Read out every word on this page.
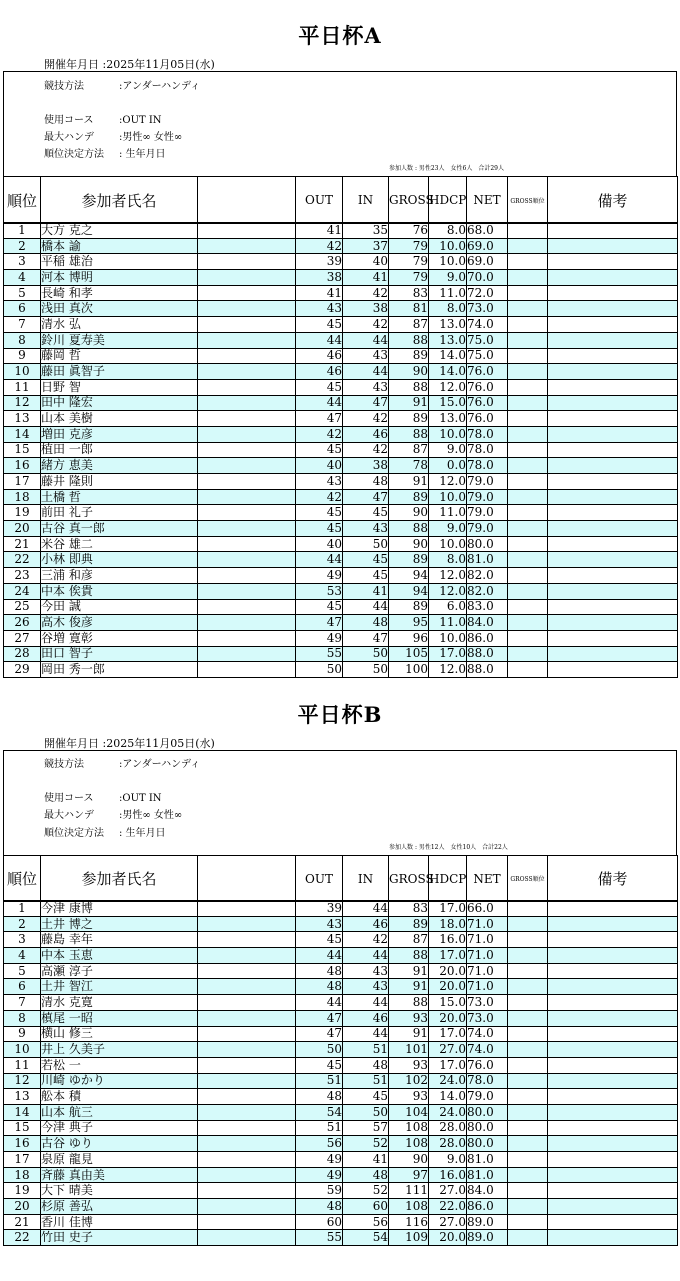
平日杯A
開催年月日 :2025年11月05日(水)
競技方法	:アンダーハンディ
使用コース	:OUT IN
最大ハンデ	:男性∞ 女性∞
順位決定方法 : 生年月日
参加人数 : 男性23人　女性6人　合計29人
順位	参加者氏名		OUT	IN	GROSS	HDCP	NET	GROSS順位	備考
1	大方 克之		41	35	76	8.0	68.0		
2	橋本 諭		42	37	79	10.0	69.0		
3	平稲 雄治		39	40	79	10.0	69.0		
4	河本 博明		38	41	79	9.0	70.0		
5	長崎 和孝		41	42	83	11.0	72.0		
6	浅田 真次		43	38	81	8.0	73.0		
7	清水 弘		45	42	87	13.0	74.0		
8	鈴川 夏寿美		44	44	88	13.0	75.0		
9	藤岡 哲		46	43	89	14.0	75.0		
10	藤田 眞智子		46	44	90	14.0	76.0		
11	日野 智		45	43	88	12.0	76.0		
12	田中 隆宏		44	47	91	15.0	76.0		
13	山本 美樹		47	42	89	13.0	76.0		
14	増田 克彦		42	46	88	10.0	78.0		
15	植田 一郎		45	42	87	9.0	78.0		
16	緒方 恵美		40	38	78	0.0	78.0		
17	藤井 隆則		43	48	91	12.0	79.0		
18	土橋 哲		42	47	89	10.0	79.0		
19	前田 礼子		45	45	90	11.0	79.0		
20	古谷 真一郎		45	43	88	9.0	79.0		
21	米谷 雄二		40	50	90	10.0	80.0		
22	小林 即典		44	45	89	8.0	81.0		
23	三浦 和彦		49	45	94	12.0	82.0		
24	中本 俟貴		53	41	94	12.0	82.0		
25	今田 誠		45	44	89	6.0	83.0		
26	高木 俊彦		47	48	95	11.0	84.0		
27	谷増 寛彰		49	47	96	10.0	86.0		
28	田口 智子		55	50	105	17.0	88.0		
29	岡田 秀一郎		50	50	100	12.0	88.0		
平日杯B
開催年月日 :2025年11月05日(水)
競技方法	:アンダーハンディ
使用コース	:OUT IN
最大ハンデ	:男性∞ 女性∞
順位決定方法 : 生年月日
参加人数 : 男性12人　女性10人　合計22人
順位	参加者氏名		OUT	IN	GROSS	HDCP	NET	GROSS順位	備考
1	今津 康博		39	44	83	17.0	66.0		
2	土井 博之		43	46	89	18.0	71.0		
3	藤島 幸年		45	42	87	16.0	71.0		
4	中本 玉恵		44	44	88	17.0	71.0		
5	高瀬 淳子		48	43	91	20.0	71.0		
6	土井 智江		48	43	91	20.0	71.0		
7	清水 克寛		44	44	88	15.0	73.0		
8	槙尾 一昭		47	46	93	20.0	73.0		
9	横山 修三		47	44	91	17.0	74.0		
10	井上 久美子		50	51	101	27.0	74.0		
11	若松 一		45	48	93	17.0	76.0		
12	川崎 ゆかり		51	51	102	24.0	78.0		
13	舩本 積		48	45	93	14.0	79.0		
14	山本 航三		54	50	104	24.0	80.0		
15	今津 典子		51	57	108	28.0	80.0		
16	古谷 ゆり		56	52	108	28.0	80.0		
17	泉原 龍見		49	41	90	9.0	81.0		
18	斉藤 真由美		49	48	97	16.0	81.0		
19	大下 晴美		59	52	111	27.0	84.0		
20	杉原 善弘		48	60	108	22.0	86.0		
21	香川 佳博		60	56	116	27.0	89.0		
22	竹田 史子		55	54	109	20.0	89.0		
